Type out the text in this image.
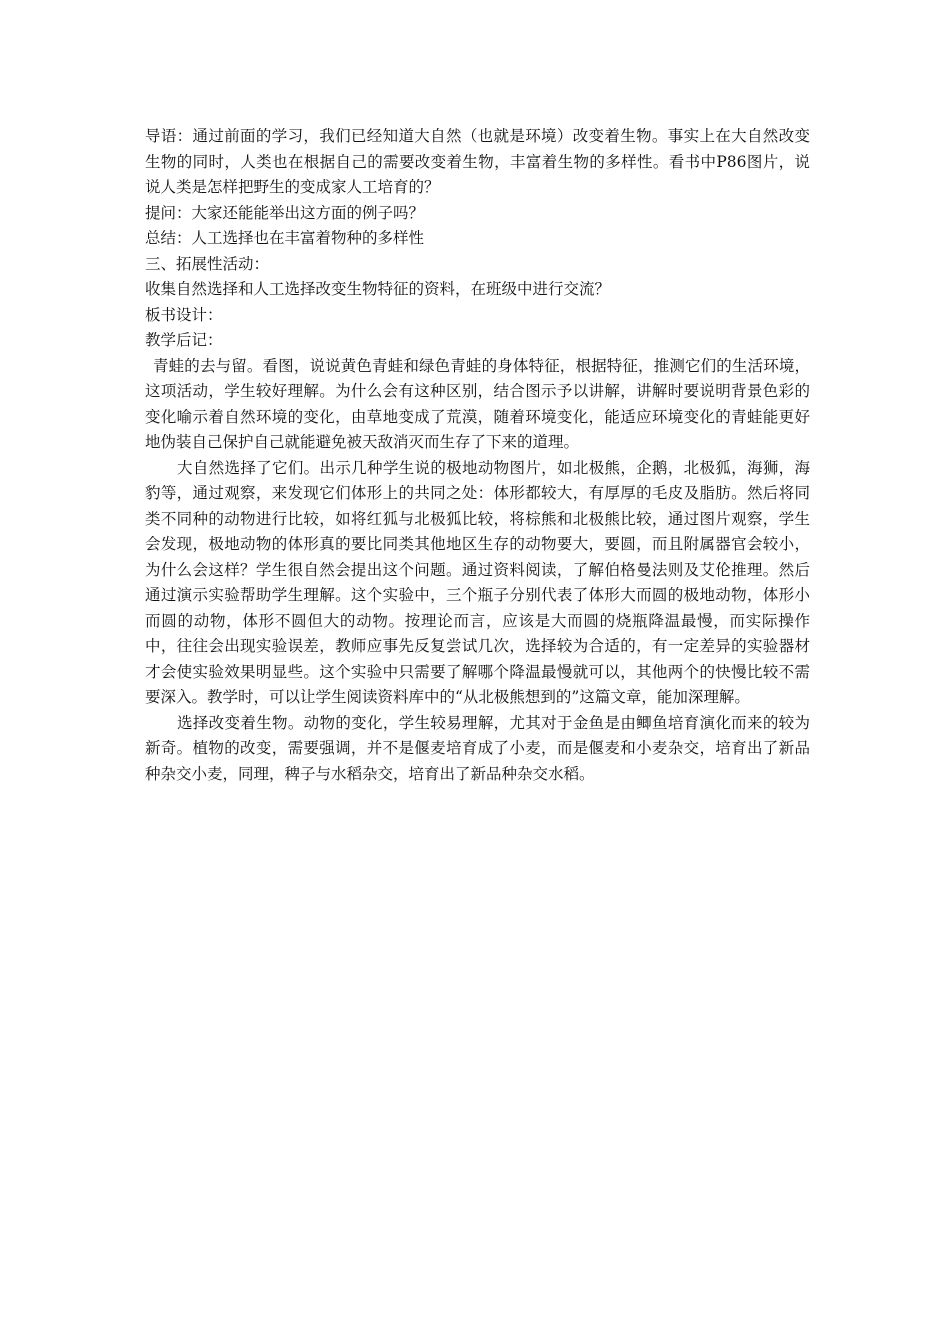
导语：通过前面的学习，我们已经知道大自然（也就是环境）改变着生物。事实上在大自然改变生物的同时，人类也在根据自己的需要改变着生物，丰富着生物的多样性。看书中P86图片，说说人类是怎样把野生的变成家人工培育的？

提问：大家还能能举出这方面的例子吗？

总结：人工选择也在丰富着物种的多样性

三、拓展性活动：

收集自然选择和人工选择改变生物特征的资料，在班级中进行交流？

板书设计：

教学后记：

青蛙的去与留。看图，说说黄色青蛙和绿色青蛙的身体特征，根据特征，推测它们的生活环境，这项活动，学生较好理解。为什么会有这种区别，结合图示予以讲解，讲解时要说明背景色彩的变化喻示着自然环境的变化，由草地变成了荒漠，随着环境变化，能适应环境变化的青蛙能更好地伪装自己保护自己就能避免被天敌消灭而生存了下来的道理。

大自然选择了它们。出示几种学生说的极地动物图片，如北极熊，企鹅，北极狐，海狮，海豹等，通过观察，来发现它们体形上的共同之处：体形都较大，有厚厚的毛皮及脂肪。然后将同类不同种的动物进行比较，如将红狐与北极狐比较，将棕熊和北极熊比较，通过图片观察，学生会发现，极地动物的体形真的要比同类其他地区生存的动物要大，要圆，而且附属器官会较小，为什么会这样？学生很自然会提出这个问题。通过资料阅读，了解伯格曼法则及艾伦推理。然后通过演示实验帮助学生理解。这个实验中，三个瓶子分别代表了体形大而圆的极地动物，体形小而圆的动物，体形不圆但大的动物。按理论而言，应该是大而圆的烧瓶降温最慢，而实际操作中，往往会出现实验误差，教师应事先反复尝试几次，选择较为合适的，有一定差异的实验器材才会使实验效果明显些。这个实验中只需要了解哪个降温最慢就可以，其他两个的快慢比较不需要深入。教学时，可以让学生阅读资料库中的“从北极熊想到的”这篇文章，能加深理解。

选择改变着生物。动物的变化，学生较易理解，尤其对于金鱼是由鲫鱼培育演化而来的较为新奇。植物的改变，需要强调，并不是偃麦培育成了小麦，而是偃麦和小麦杂交，培育出了新品种杂交小麦，同理，稗子与水稻杂交，培育出了新品种杂交水稻。
